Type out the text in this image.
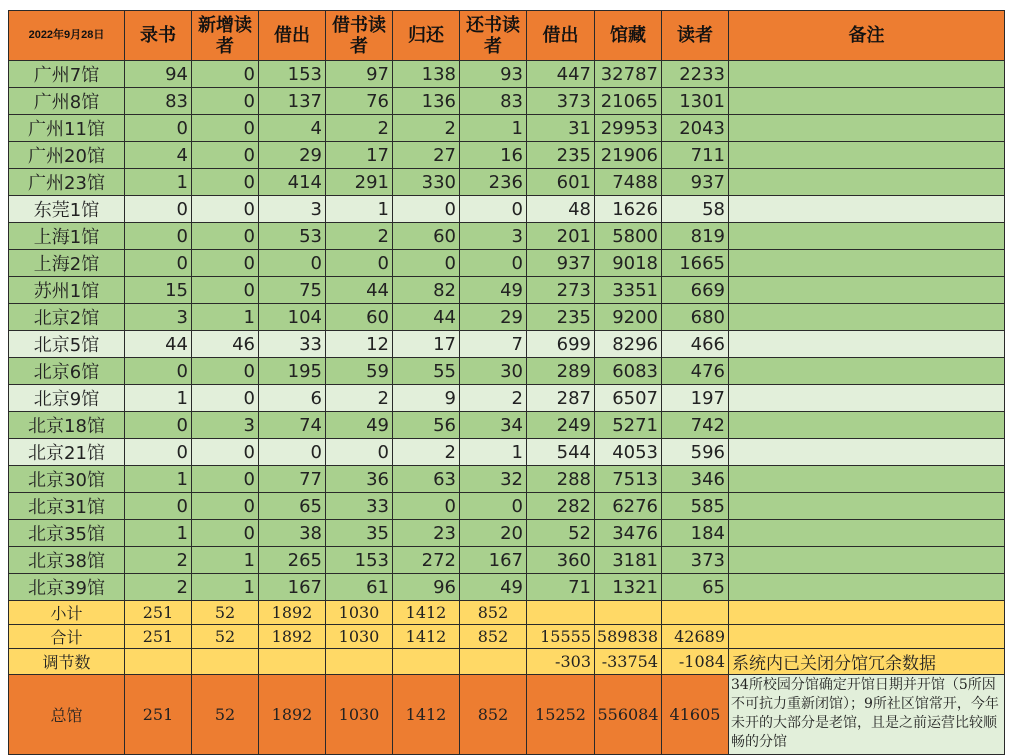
2022年9月28日	录书	新增读者	借出	借书读者	归还	还书读者	借出	馆藏	读者	备注
广州7馆	94	0	153	97	138	93	447	32787	2233	
广州8馆	83	0	137	76	136	83	373	21065	1301	
广州11馆	0	0	4	2	2	1	31	29953	2043	
广州20馆	4	0	29	17	27	16	235	21906	711	
广州23馆	1	0	414	291	330	236	601	7488	937	
东莞1馆	0	0	3	1	0	0	48	1626	58	
上海1馆	0	0	53	2	60	3	201	5800	819	
上海2馆	0	0	0	0	0	0	937	9018	1665	
苏州1馆	15	0	75	44	82	49	273	3351	669	
北京2馆	3	1	104	60	44	29	235	9200	680	
北京5馆	44	46	33	12	17	7	699	8296	466	
北京6馆	0	0	195	59	55	30	289	6083	476	
北京9馆	1	0	6	2	9	2	287	6507	197	
北京18馆	0	3	74	49	56	34	249	5271	742	
北京21馆	0	0	0	0	2	1	544	4053	596	
北京30馆	1	0	77	36	63	32	288	7513	346	
北京31馆	0	0	65	33	0	0	282	6276	585	
北京35馆	1	0	38	35	23	20	52	3476	184	
北京38馆	2	1	265	153	272	167	360	3181	373	
北京39馆	2	1	167	61	96	49	71	1321	65	
小计	251	52	1892	1030	1412	852				
合计	251	52	1892	1030	1412	852	15555	589838	42689	
调节数							-303	-33754	-1084	系统内已关闭分馆冗余数据
总馆	251	52	1892	1030	1412	852	15252	556084	41605	34所校园分馆确定开馆日期并开馆（5所因不可抗力重新闭馆）；9所社区馆常开，今年未开的大部分是老馆，且是之前运营比较顺畅的分馆
